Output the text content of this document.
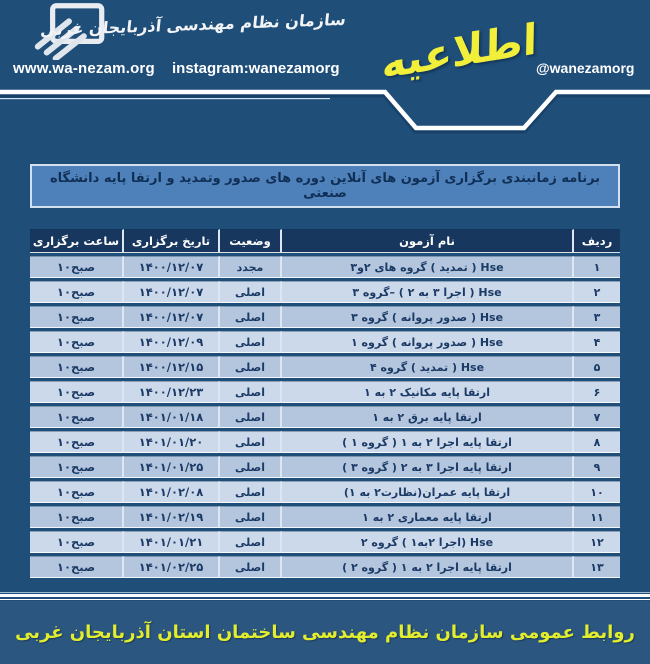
سازمان نظام مهندسی آذربایجان غربی
www.wa-nezam.org instagram:wanezamorg	@wanezamorg
اطلاعیه
برنامه زمانبندی برگزاری آزمون های آنلاین دوره های صدور وتمدید و ارتقا پایه دانشگاه صنعتی
ردیف	نام آزمون	وضعیت	تاریخ برگزاری	ساعت برگزاری
۱	Hse ( تمدید ) گروه های ۲و۳	مجدد	۱۴۰۰/۱۲/۰۷	۱۰صبح
۲	Hse ( اجرا ۳ به ۲ ) –گروه ۳	اصلی	۱۴۰۰/۱۲/۰۷	۱۰صبح
۳	Hse ( صدور پروانه ) گروه ۳	اصلی	۱۴۰۰/۱۲/۰۷	۱۰صبح
۴	Hse ( صدور پروانه ) گروه ۱	اصلی	۱۴۰۰/۱۲/۰۹	۱۰صبح
۵	Hse ( تمدید ) گروه ۴	اصلی	۱۴۰۰/۱۲/۱۵	۱۰صبح
۶	ارتقا پایه مکانیک ۲ به ۱	اصلی	۱۴۰۰/۱۲/۲۳	۱۰صبح
۷	ارتقا پایه برق ۲ به ۱	اصلی	۱۴۰۱/۰۱/۱۸	۱۰صبح
۸	ارتقا پایه اجرا ۲ به ۱ ( گروه ۱ )	اصلی	۱۴۰۱/۰۱/۲۰	۱۰صبح
۹	ارتقا پایه اجرا ۳ به ۲ ( گروه ۳ )	اصلی	۱۴۰۱/۰۱/۲۵	۱۰صبح
۱۰	ارتقا پایه عمران(نظارت۲ به ۱)	اصلی	۱۴۰۱/۰۲/۰۸	۱۰صبح
۱۱	ارتقا پایه معماری ۲ به ۱	اصلی	۱۴۰۱/۰۲/۱۹	۱۰صبح
۱۲	Hse (اجرا ۲به۱ ) گروه ۲	اصلی	۱۴۰۱/۰۱/۲۱	۱۰صبح
۱۳	ارتقا پایه اجرا ۲ به ۱ ( گروه ۲ )	اصلی	۱۴۰۱/۰۲/۲۵	۱۰صبح
روابط عمومی سازمان نظام مهندسی ساختمان استان آذربایجان غربی
